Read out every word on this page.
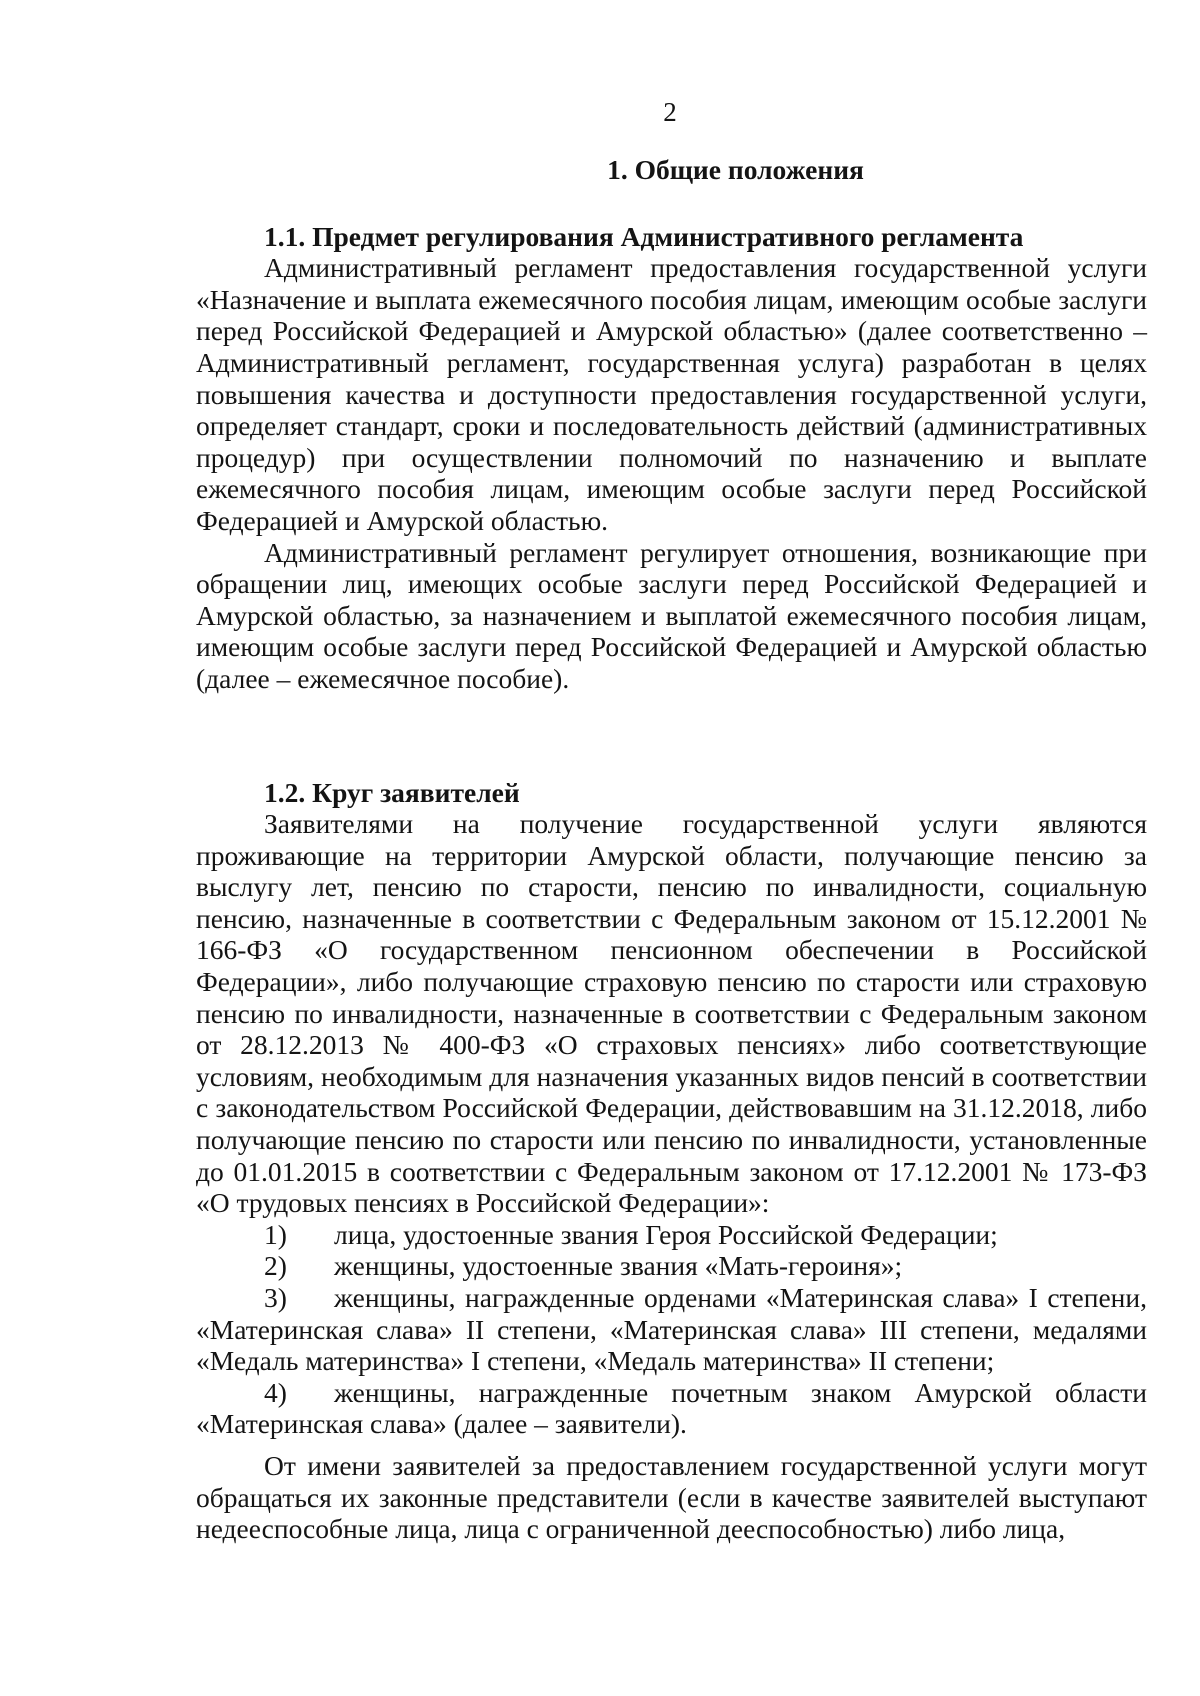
2

1. Общие положения

1.1. Предмет регулирования Административного регламента

Административный регламент предоставления государственной услуги «Назначение и выплата ежемесячного пособия лицам, имеющим особые заслуги перед Российской Федерацией и Амурской областью» (далее соответственно – Административный регламент, государственная услуга) разработан в целях повышения качества и доступности предоставления государственной услуги, определяет стандарт, сроки и последовательность действий (административных процедур) при осуществлении полномочий по назначению и выплате ежемесячного пособия лицам, имеющим особые заслуги перед Российской Федерацией и Амурской областью.

Административный регламент регулирует отношения, возникающие при обращении лиц, имеющих особые заслуги перед Российской Федерацией и Амурской областью, за назначением и выплатой ежемесячного пособия лицам, имеющим особые заслуги перед Российской Федерацией и Амурской областью (далее – ежемесячное пособие).

1.2. Круг заявителей

Заявителями на получение государственной услуги являются проживающие на территории Амурской области, получающие пенсию за выслугу лет, пенсию по старости, пенсию по инвалидности, социальную пенсию, назначенные в соответствии с Федеральным законом от 15.12.2001 № 166-ФЗ «О государственном пенсионном обеспечении в Российской Федерации», либо получающие страховую пенсию по старости или страховую пенсию по инвалидности, назначенные в соответствии с Федеральным законом от 28.12.2013 № 400-ФЗ «О страховых пенсиях» либо соответствующие условиям, необходимым для назначения указанных видов пенсий в соответствии с законодательством Российской Федерации, действовавшим на 31.12.2018, либо получающие пенсию по старости или пенсию по инвалидности, установленные до 01.01.2015 в соответствии с Федеральным законом от 17.12.2001 № 173-ФЗ «О трудовых пенсиях в Российской Федерации»:

1) лица, удостоенные звания Героя Российской Федерации;

2) женщины, удостоенные звания «Мать-героиня»;

3) женщины, награжденные орденами «Материнская слава» I степени, «Материнская слава» II степени, «Материнская слава» III степени, медалями «Медаль материнства» I степени, «Медаль материнства» II степени;

4) женщины, награжденные почетным знаком Амурской области «Материнская слава» (далее – заявители).

От имени заявителей за предоставлением государственной услуги могут обращаться их законные представители (если в качестве заявителей выступают недееспособные лица, лица с ограниченной дееспособностью) либо лица,
